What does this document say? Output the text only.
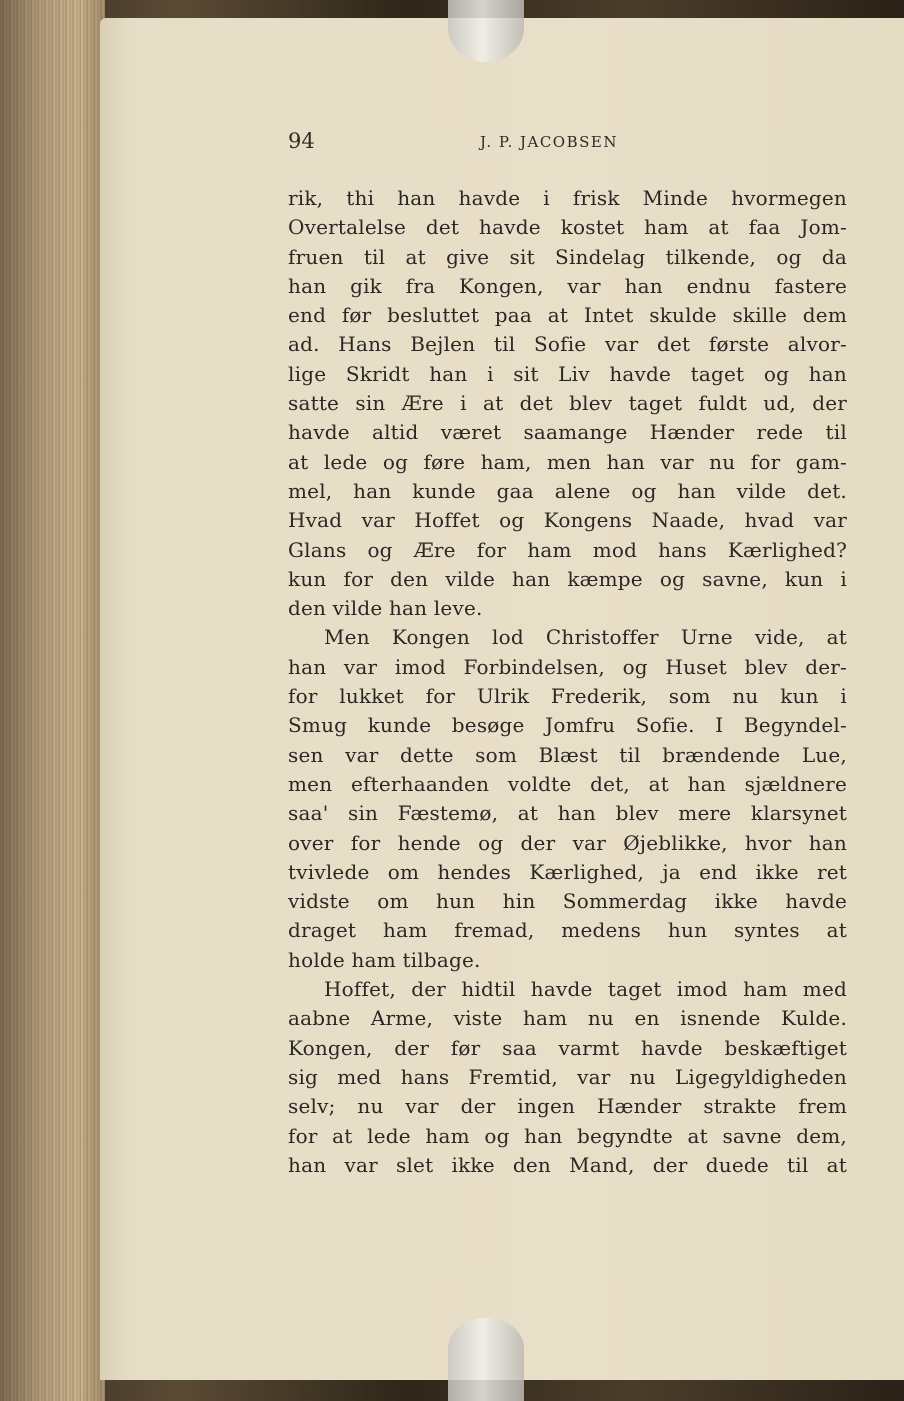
94	J. P. JACOBSEN
rik, thi han havde i frisk Minde hvormegen
Overtalelse det havde kostet ham at faa Jom-
fruen til at give sit Sindelag tilkende, og da
han gik fra Kongen, var han endnu fastere
end før besluttet paa at Intet skulde skille dem
ad. Hans Bejlen til Sofie var det første alvor-
lige Skridt han i sit Liv havde taget og han
satte sin Ære i at det blev taget fuldt ud, der
havde altid været saamange Hænder rede til
at lede og føre ham, men han var nu for gam-
mel, han kunde gaa alene og han vilde det.
Hvad var Hoffet og Kongens Naade, hvad var
Glans og Ære for ham mod hans Kærlighed?
kun for den vilde han kæmpe og savne, kun i
den vilde han leve.
Men Kongen lod Christoffer Urne vide, at
han var imod Forbindelsen, og Huset blev der-
for lukket for Ulrik Frederik, som nu kun i
Smug kunde besøge Jomfru Sofie. I Begyndel-
sen var dette som Blæst til brændende Lue,
men efterhaanden voldte det, at han sjældnere
saa' sin Fæstemø, at han blev mere klarsynet
over for hende og der var Øjeblikke, hvor han
tvivlede om hendes Kærlighed, ja end ikke ret
vidste om hun hin Sommerdag ikke havde
draget ham fremad, medens hun syntes at
holde ham tilbage.
Hoffet, der hidtil havde taget imod ham med
aabne Arme, viste ham nu en isnende Kulde.
Kongen, der før saa varmt havde beskæftiget
sig med hans Fremtid, var nu Ligegyldigheden
selv; nu var der ingen Hænder strakte frem
for at lede ham og han begyndte at savne dem,
han var slet ikke den Mand, der duede til at
